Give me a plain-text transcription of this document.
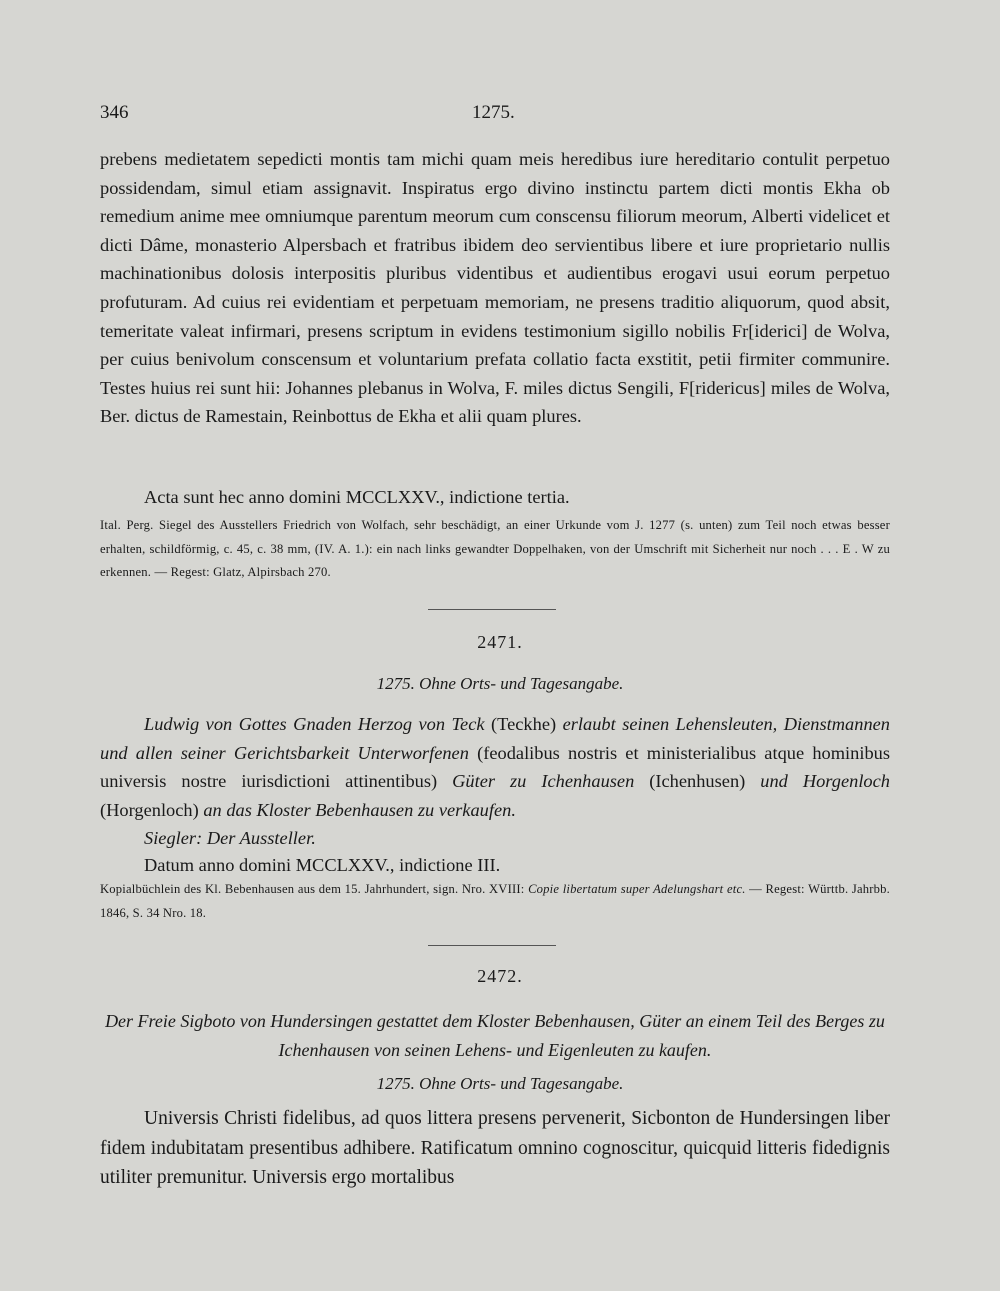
346	1275.
prebens medietatem sepedicti montis tam michi quam meis heredibus iure hereditario contulit perpetuo possidendam, simul etiam assignavit. Inspiratus ergo divino instinctu partem dicti montis Ekha ob remedium anime mee omniumque parentum meorum cum conscensu filiorum meorum, Alberti videlicet et dicti Dâme, monasterio Alpersbach et fratribus ibidem deo servientibus libere et iure proprietario nullis machinationibus dolosis interpositis pluribus videntibus et audientibus erogavi usui eorum perpetuo profuturam. Ad cuius rei evidentiam et perpetuam memoriam, ne presens traditio aliquorum, quod absit, temeritate valeat infirmari, presens scriptum in evidens testimonium sigillo nobilis Fr[iderici] de Wolva, per cuius benivolum conscensum et voluntarium prefata collatio facta exstitit, petii firmiter communire. Testes huius rei sunt hii: Johannes plebanus in Wolva, F. miles dictus Sengili, F[ridericus] miles de Wolva, Ber. dictus de Ramestain, Reinbottus de Ekha et alii quam plures.
Acta sunt hec anno domini MCCLXXV., indictione tertia.
Ital. Perg. Siegel des Ausstellers Friedrich von Wolfach, sehr beschädigt, an einer Urkunde vom J. 1277 (s. unten) zum Teil noch etwas besser erhalten, schildförmig, c. 45, c. 38 mm, (IV. A. 1.): ein nach links gewandter Doppelhaken, von der Umschrift mit Sicherheit nur noch . . . E . W zu erkennen. — Regest: Glatz, Alpirsbach 270.
2471.
1275. Ohne Orts- und Tagesangabe.
Ludwig von Gottes Gnaden Herzog von Teck (Teckhe) erlaubt seinen Lehensleuten, Dienstmannen und allen seiner Gerichtsbarkeit Unterworfenen (feodalibus nostris et ministerialibus atque hominibus universis nostre iurisdictioni attinentibus) Güter zu Ichenhausen (Ichenhusen) und Horgenloch (Horgenloch) an das Kloster Bebenhausen zu verkaufen.
Siegler: Der Aussteller.
Datum anno domini MCCLXXV., indictione III.
Kopialbüchlein des Kl. Bebenhausen aus dem 15. Jahrhundert, sign. Nro. XVIII: Copie libertatum super Adelungshart etc. — Regest: Württb. Jahrbb. 1846, S. 34 Nro. 18.
2472.
Der Freie Sigboto von Hundersingen gestattet dem Kloster Bebenhausen, Güter an einem Teil des Berges zu Ichenhausen von seinen Lehens- und Eigenleuten zu kaufen.
1275. Ohne Orts- und Tagesangabe.
Universis Christi fidelibus, ad quos littera presens pervenerit, Sicbonton de Hundersingen liber fidem indubitatam presentibus adhibere. Ratificatum omnino cognoscitur, quicquid litteris fidedignis utiliter premunitur. Universis ergo mortalibus
